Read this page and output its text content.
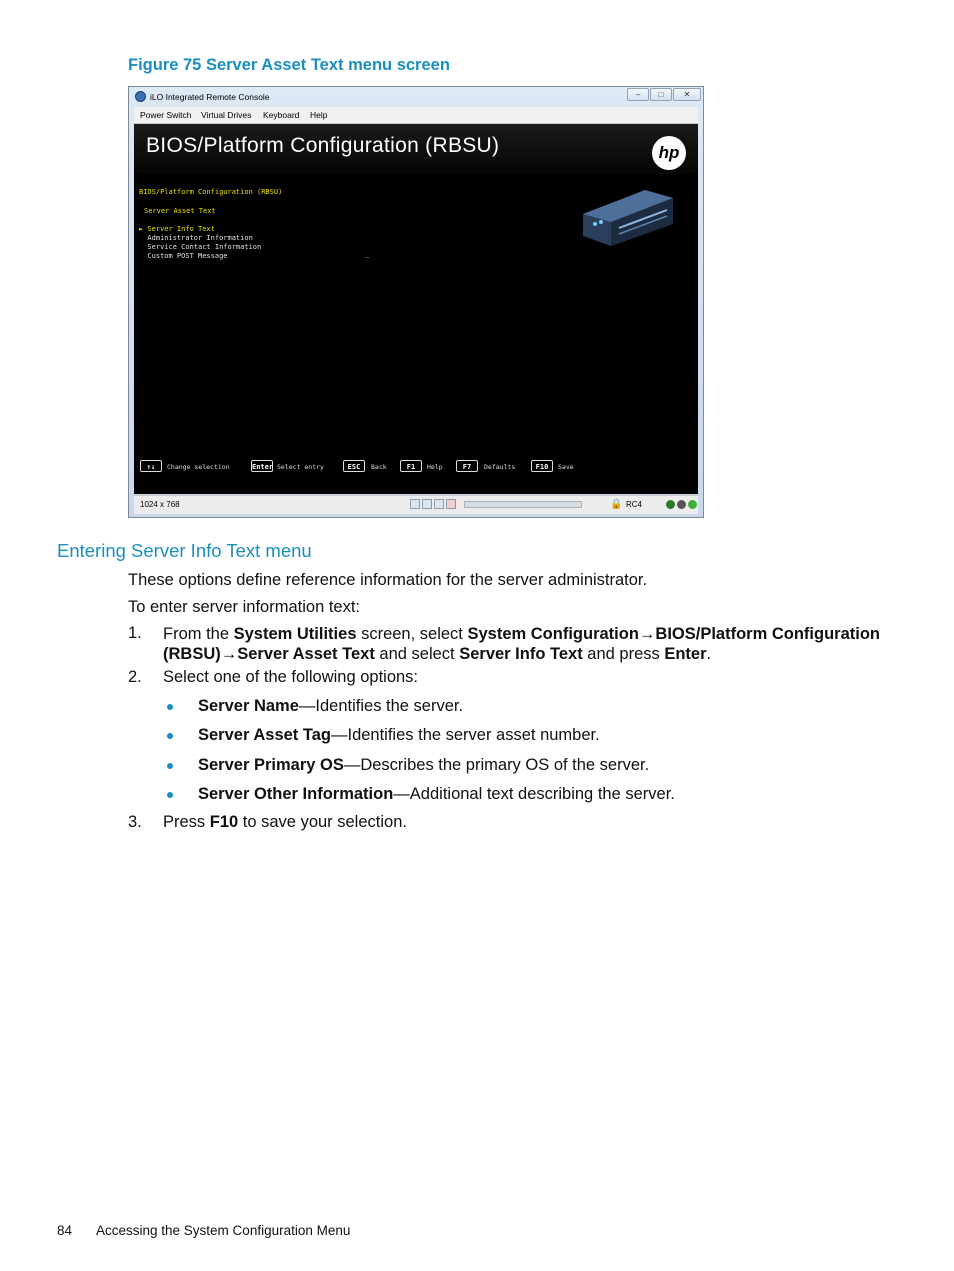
Figure 75 Server Asset Text menu screen
iLO Integrated Remote Console	–	□	✕
Power Switch Virtual Drives Keyboard Help
BIOS/Platform Configuration (RBSU)	hp
BIOS/Platform Configuration (RBSU)
Server Asset Text
► Server Info Text
Administrator Information
Service Contact Information
Custom POST Message	_
↑↓	Change selection	Enter Select entry	ESC	Back	F1	Help	F7	Defaults	F10	Save
1024 x 768	🔒 RC4
Entering Server Info Text menu
These options define reference information for the server administrator.
To enter server information text:
1. From the System Utilities screen, select System Configuration→BIOS/Platform Configuration
(RBSU)→Server Asset Text and select Server Info Text and press Enter.
2. Select one of the following options:
Server Name—Identifies the server.
Server Asset Tag—Identifies the server asset number.
Server Primary OS—Describes the primary OS of the server.
Server Other Information—Additional text describing the server.
3. Press F10 to save your selection.
84 Accessing the System Configuration Menu
